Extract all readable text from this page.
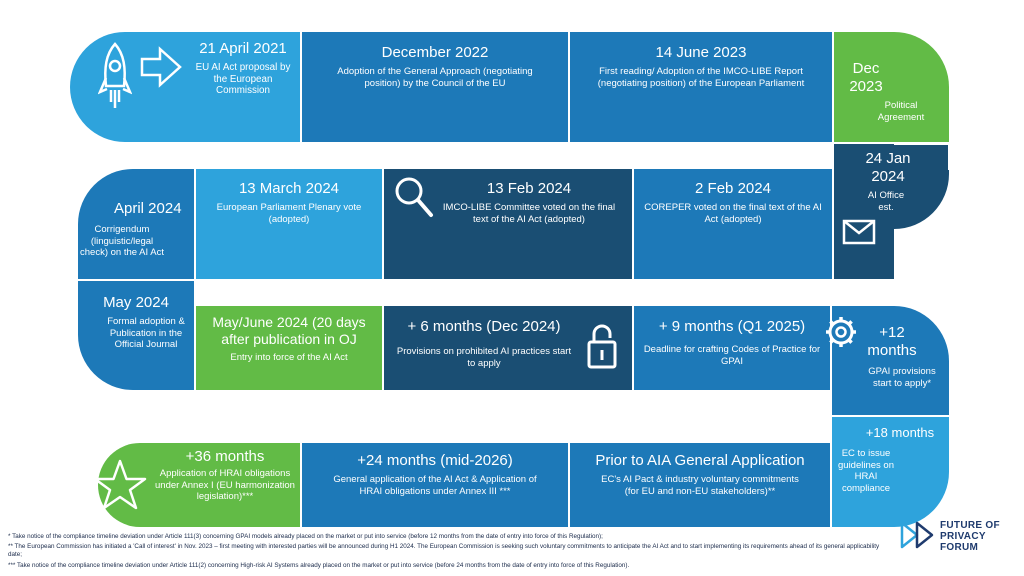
21 April 2021
EU AI Act proposal by the European Commission
December 2022
Adoption of the General Approach (negotiating position) by the Council of the EU
14 June 2023
First reading/ Adoption of the IMCO-LIBE Report (negotiating position) of the European Parliament
Dec 2023
Political Agreement
24 Jan 2024
AI Office est.
2 Feb 2024
COREPER voted on the final text of the AI Act (adopted)
13 Feb 2024
IMCO-LIBE Committee voted on the final text of the AI Act (adopted)
13 March 2024
European Parliament Plenary vote (adopted)
April 2024
Corrigendum (linguistic/legal check) on the AI Act
May 2024
Formal adoption & Publication in the Official Journal
May/June 2024 (20 days after publication in OJ
Entry into force of the AI Act
+ 6 months (Dec 2024)
Provisions on prohibited AI practices start to apply
+ 9 months (Q1 2025)
Deadline for crafting Codes of Practice for GPAI
+12 months
GPAI provisions start to apply*
+18 months
EC to issue guidelines on HRAI compliance
Prior to AIA General Application
EC's AI Pact & industry voluntary commitments (for EU and non-EU stakeholders)**
+24 months (mid-2026)
General application of the AI Act & Application of HRAI obligations under Annex III ***
+36 months
Application of HRAI obligations under Annex I (EU harmonization legislation)***
* Take notice of the compliance timeline deviation under Article 111(3) concerning GPAI models already placed on the market or put into service (before 12 months from the date of entry into force of this Regulation);
** The European Commission has initiated a 'Call of interest' in Nov. 2023 – first meeting with interested parties will be announced during H1 2024. The European Commission is seeking such voluntary commitments to anticipate the AI Act and to start implementing its requirements ahead of its general applicability date;
*** Take notice of the compliance timeline deviation under Article 111(2) concerning High-risk AI Systems already placed on the market or put into service (before 24 months from the date of entry into force of this Regulation).
FUTURE OF
PRIVACY
FORUM
